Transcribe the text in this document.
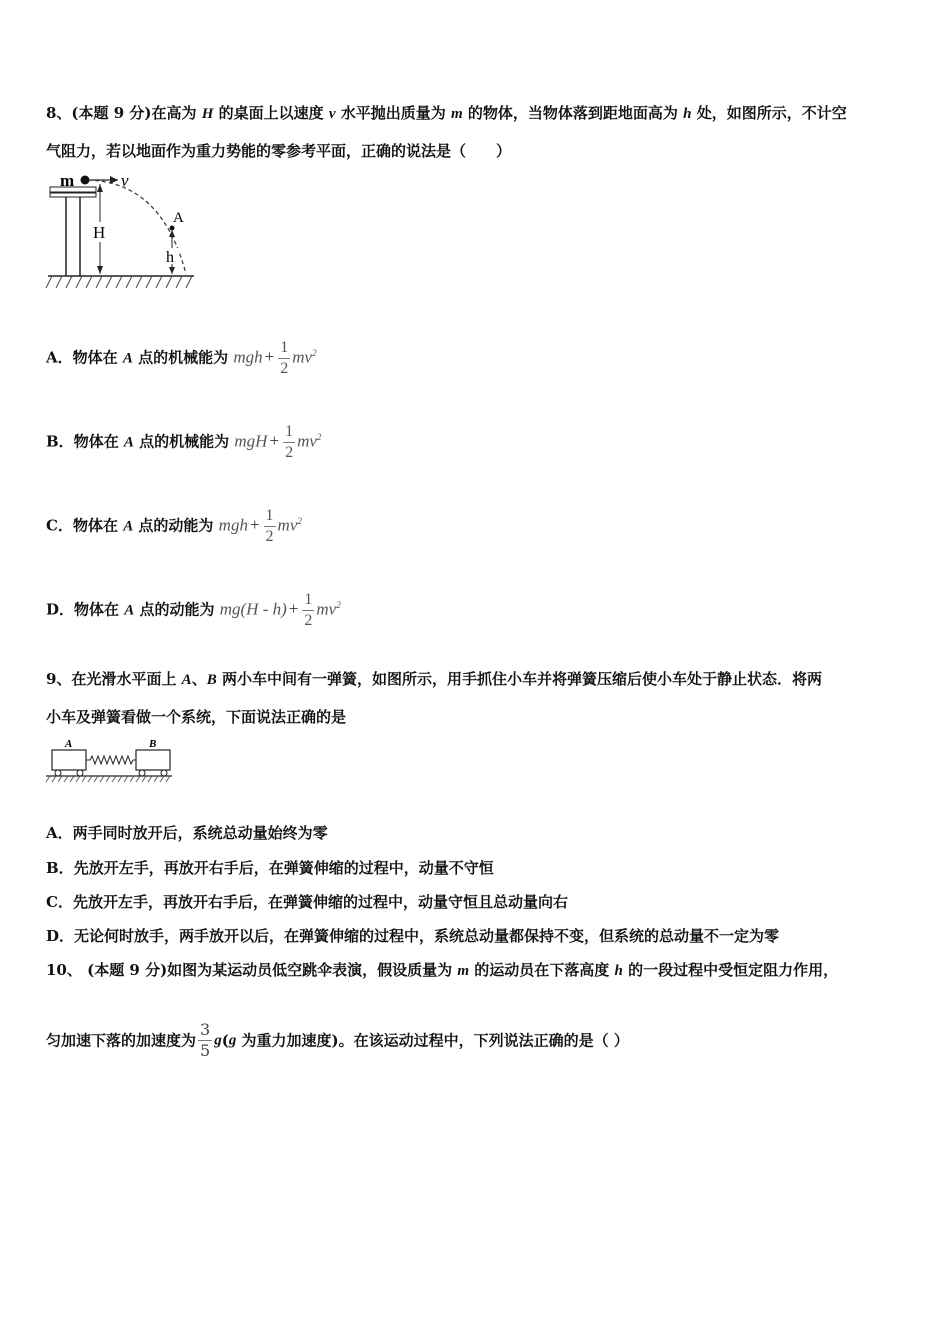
8、(本题 9 分)在高为 H 的桌面上以速度 v 水平抛出质量为 m 的物体，当物体落到距地面高为 h 处，如图所示，不计空
气阻力，若以地面作为重力势能的零参考平面，正确的说法是（　　）
m	v
H
A
h
A．物体在 A 点的机械能为 mgh + $\frac{1}{2} mv^2$
B．物体在 A 点的机械能为 mgH + $\frac{1}{2} mv^2$
C．物体在 A 点的动能为 mgh + $\frac{1}{2} mv^2$
D．物体在 A 点的动能为 $mg(H - h) + \frac{1}{2} mv^2$
9、在光滑水平面上 A、B 两小车中间有一弹簧，如图所示，用手抓住小车并将弹簧压缩后使小车处于静止状态．将两
小车及弹簧看做一个系统，下面说法正确的是
A	B
A．两手同时放开后，系统总动量始终为零
B．先放开左手，再放开右手后，在弹簧伸缩的过程中，动量不守恒
C．先放开左手，再放开右手后，在弹簧伸缩的过程中，动量守恒且总动量向右
D．无论何时放手，两手放开以后，在弹簧伸缩的过程中，系统总动量都保持不变，但系统的总动量不一定为零
10、 (本题 9 分)如图为某运动员低空跳伞表演，假设质量为 m 的运动员在下落高度 h 的一段过程中受恒定阻力作用，
匀加速下落的加速度为 $\frac{3}{5} g(g$ 为重力加速度)。在该运动过程中，下列说法正确的是（ ）
